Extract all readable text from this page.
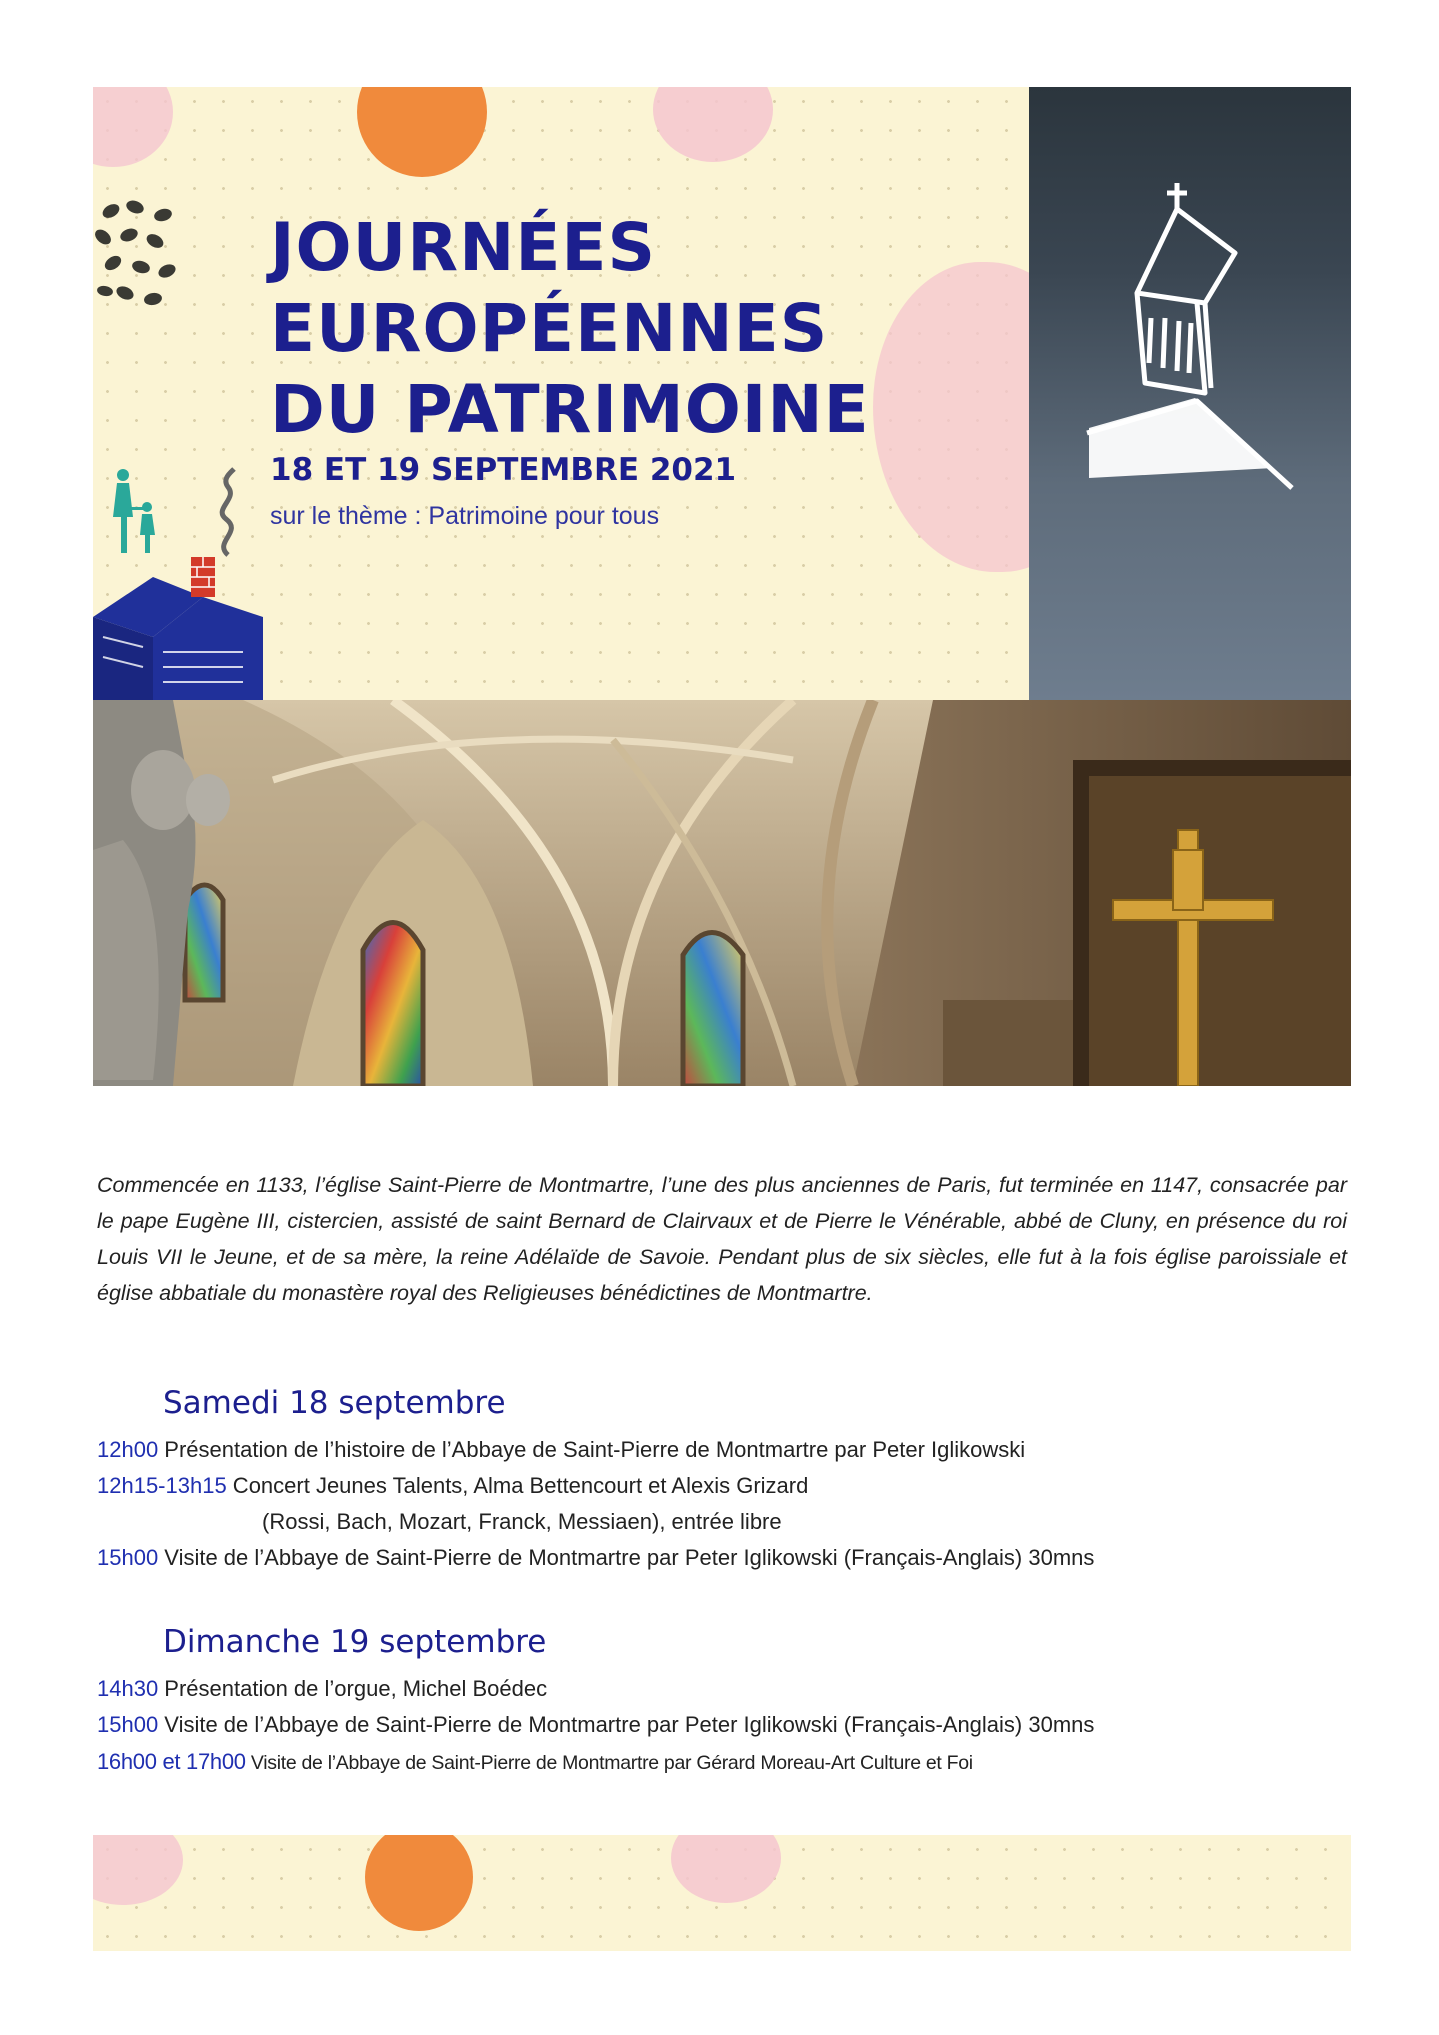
JOURNÉES
EUROPÉENNES
DU PATRIMOINE
18 ET 19 SEPTEMBRE 2021
sur le thème : Patrimoine pour tous

Commencée en 1133, l’église Saint-Pierre de Montmartre, l’une des plus anciennes de Paris, fut terminée en 1147, consacrée par le pape Eugène III, cistercien, assisté de saint Bernard de Clairvaux et de Pierre le Vénérable, abbé de Cluny, en présence du roi Louis VII le Jeune, et de sa mère, la reine Adélaïde de Savoie. Pendant plus de six siècles, elle fut à la fois église paroissiale et église abbatiale du monastère royal des Religieuses bénédictines de Montmartre.

Samedi 18 septembre
12h00 Présentation de l’histoire de l’Abbaye de Saint-Pierre de Montmartre par Peter Iglikowski
12h15-13h15 Concert Jeunes Talents, Alma Bettencourt et Alexis Grizard
(Rossi, Bach, Mozart, Franck, Messiaen), entrée libre
15h00 Visite de l’Abbaye de Saint-Pierre de Montmartre par Peter Iglikowski (Français-Anglais) 30mns
Dimanche 19 septembre
14h30 Présentation de l’orgue, Michel Boédec
15h00 Visite de l’Abbaye de Saint-Pierre de Montmartre par Peter Iglikowski (Français-Anglais) 30mns
16h00 et 17h00 Visite de l’Abbaye de Saint-Pierre de Montmartre par Gérard Moreau-Art Culture et Foi
